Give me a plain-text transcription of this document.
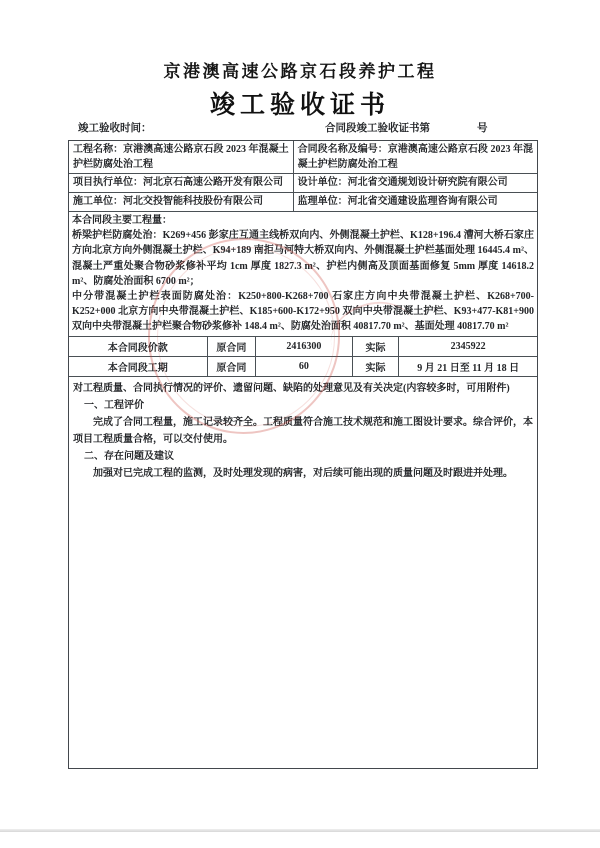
京港澳高速公路京石段养护工程
竣工验收证书
竣工验收时间：	合同段竣工验收证书第	号
工程名称：京港澳高速公路京石段 2023 年混凝土护栏防腐处治工程
合同段名称及编号：京港澳高速公路京石段 2023 年混凝土护栏防腐处治工程
项目执行单位：河北京石高速公路开发有限公司	设计单位：河北省交通规划设计研究院有限公司
施工单位：河北交投智能科技股份有限公司	监理单位：河北省交通建设监理咨询有限公司
本合同段主要工程量：
桥梁护栏防腐处治：K269+456 彭家庄互通主线桥双向内、外侧混凝土护栏、K128+196.4 漕河大桥石家庄方向北京方向外侧混凝土护栏、K94+189 南拒马河特大桥双向内、外侧混凝土护栏基面处理 16445.4 m²、混凝土严重处聚合物砂浆修补平均 1cm 厚度 1827.3 m²、护栏内侧高及顶面基面修复 5mm 厚度 14618.2 m²、防腐处治面积 6700 m²；
中分带混凝土护栏表面防腐处治：K250+800-K268+700 石家庄方向中央带混凝土护栏、K268+700-K252+000 北京方向中央带混凝土护栏、K185+600-K172+950 双向中央带混凝土护栏、K93+477-K81+900 双向中央带混凝土护栏聚合物砂浆修补 148.4 m²、防腐处治面积 40817.70 m²、基面处理 40817.70 m²
本合同段价款	原合同	2416300	实际	2345922
本合同段工期	原合同	60	实际	9 月 21 日至 11 月 18 日
对工程质量、合同执行情况的评价、遗留问题、缺陷的处理意见及有关决定(内容较多时，可用附件)
一、工程评价
完成了合同工程量，施工记录较齐全。工程质量符合施工技术规范和施工图设计要求。综合评价，本项目工程质量合格，可以交付使用。
二、存在问题及建议
加强对已完成工程的监测，及时处理发现的病害，对后续可能出现的质量问题及时跟进并处理。
